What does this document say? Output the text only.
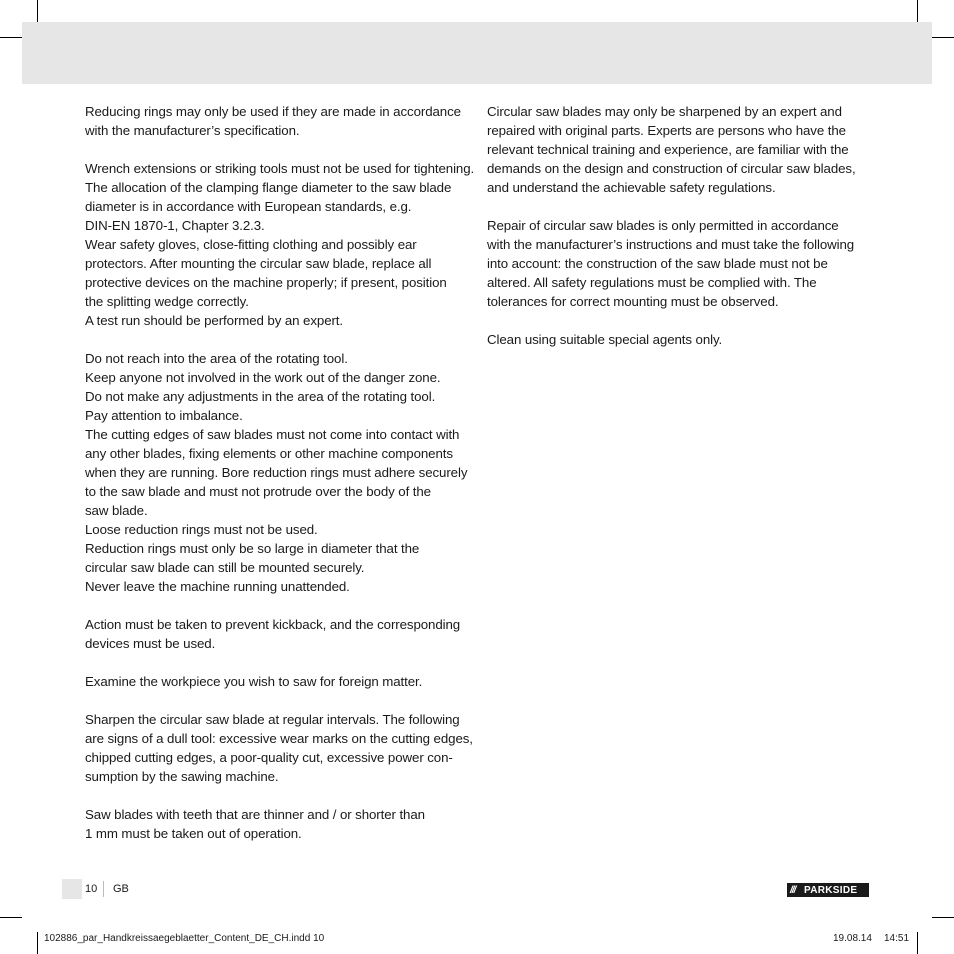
Reducing rings may only be used if they are made in accordance
with the manufacturer’s specification.
Wrench extensions or striking tools must not be used for tightening.
The allocation of the clamping flange diameter to the saw blade
diameter is in accordance with European standards, e.g.
DIN-EN 1870-1, Chapter 3.2.3.
Wear safety gloves, close-fitting clothing and possibly ear
protectors. After mounting the circular saw blade, replace all
protective devices on the machine properly; if present, position
the splitting wedge correctly.
A test run should be performed by an expert.
Do not reach into the area of the rotating tool.
Keep anyone not involved in the work out of the danger zone.
Do not make any adjustments in the area of the rotating tool.
Pay attention to imbalance.
The cutting edges of saw blades must not come into contact with
any other blades, fixing elements or other machine components
when they are running. Bore reduction rings must adhere securely
to the saw blade and must not protrude over the body of the
saw blade.
Loose reduction rings must not be used.
Reduction rings must only be so large in diameter that the
circular saw blade can still be mounted securely.
Never leave the machine running unattended.
Action must be taken to prevent kickback, and the corresponding
devices must be used.
Examine the workpiece you wish to saw for foreign matter.
Sharpen the circular saw blade at regular intervals. The following
are signs of a dull tool: excessive wear marks on the cutting edges,
chipped cutting edges, a poor-quality cut, excessive power con-
sumption by the sawing machine.
Saw blades with teeth that are thinner and / or shorter than
1 mm must be taken out of operation.
Circular saw blades may only be sharpened by an expert and
repaired with original parts. Experts are persons who have the
relevant technical training and experience, are familiar with the
demands on the design and construction of circular saw blades,
and understand the achievable safety regulations.
Repair of circular saw blades is only permitted in accordance
with the manufacturer’s instructions and must take the following
into account: the construction of the saw blade must not be
altered. All safety regulations must be complied with. The
tolerances for correct mounting must be observed.
Clean using suitable special agents only.
10	GB	/// PARKSIDE
102886_par_Handkreissaegeblaetter_Content_DE_CH.indd 10	19.08.14 14:51
